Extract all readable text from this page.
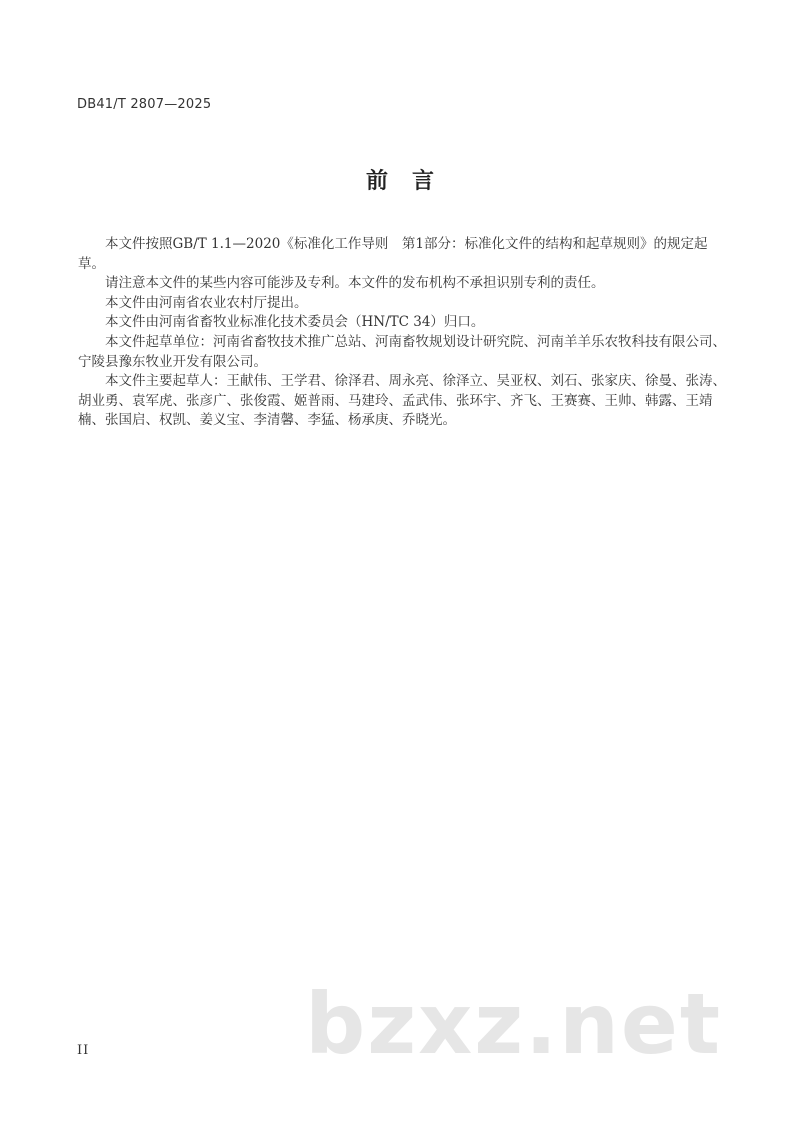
DB41/T 2807—2025
前言

本文件按照GB/T 1.1—2020《标准化工作导则　第1部分：标准化文件的结构和起草规则》的规定起草。

请注意本文件的某些内容可能涉及专利。本文件的发布机构不承担识别专利的责任。

本文件由河南省农业农村厅提出。

本文件由河南省畜牧业标准化技术委员会（HN/TC 34）归口。

本文件起草单位：河南省畜牧技术推广总站、河南畜牧规划设计研究院、河南羊羊乐农牧科技有限公司、宁陵县豫东牧业开发有限公司。

本文件主要起草人：王献伟、王学君、徐泽君、周永亮、徐泽立、吴亚权、刘石、张家庆、徐曼、张涛、胡业勇、袁军虎、张彦广、张俊霞、姬普雨、马建玲、孟武伟、张环宇、齐飞、王赛赛、王帅、韩露、王靖楠、张国启、权凯、姜义宝、李清馨、李猛、杨承庚、乔晓光。

II	bzxz.net
